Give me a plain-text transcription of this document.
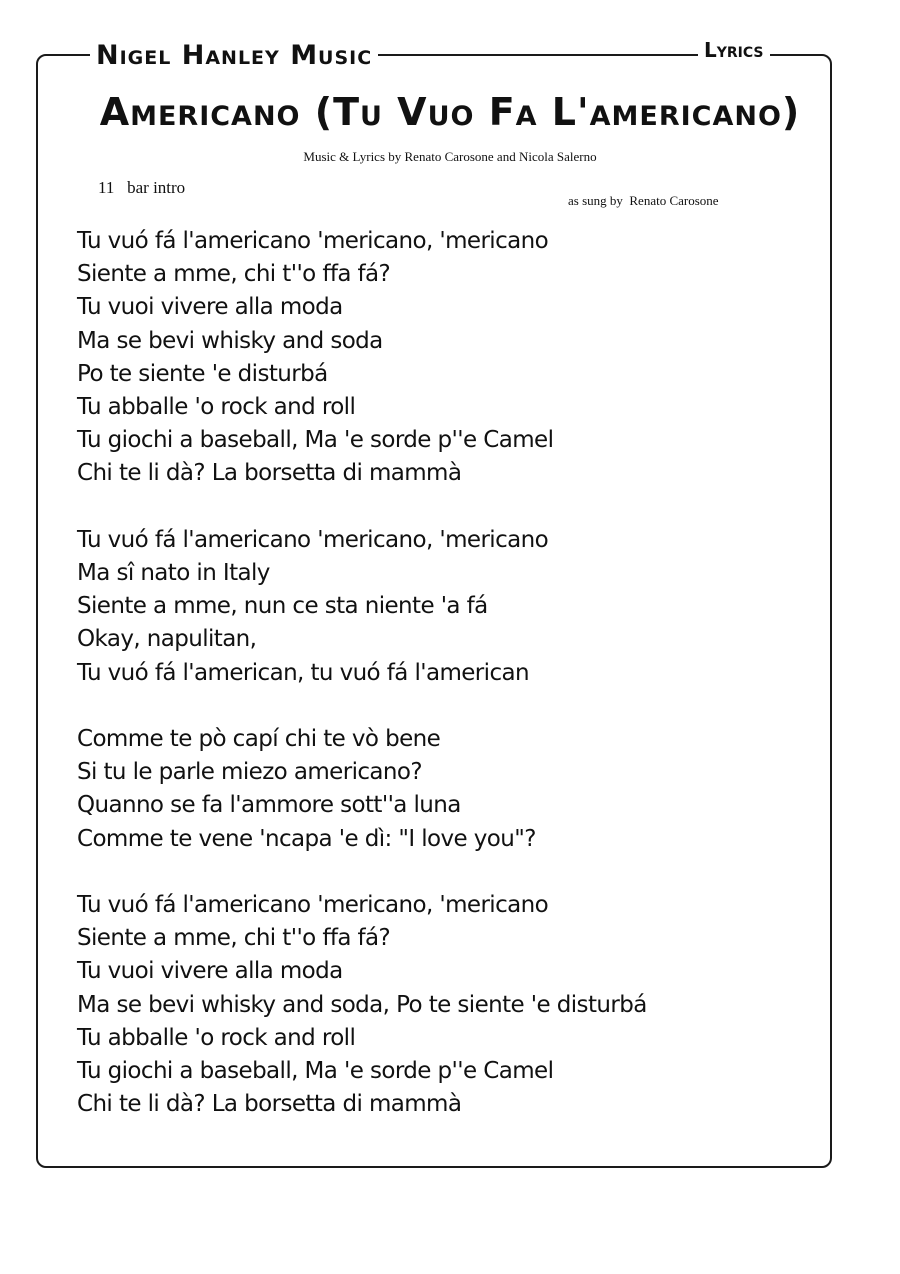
Nigel Hanley Music	Lyrics
Americano (Tu Vuo Fa L'americano)
Music & Lyrics by Renato Carosone and Nicola Salerno
11   bar intro
as sung by  Renato Carosone
Tu vuó fá l'americano 'mericano, 'mericano
Siente a mme, chi t''o ffa fá?
Tu vuoi vivere alla moda
Ma se bevi whisky and soda
Po te siente 'e disturbá
Tu abballe 'o rock and roll
Tu giochi a baseball, Ma 'e sorde p''e Camel
Chi te li dà? La borsetta di mammà
Tu vuó fá l'americano 'mericano, 'mericano
Ma sî nato in Italy
Siente a mme, nun ce sta niente 'a fá
Okay, napulitan,
Tu vuó fá l'american, tu vuó fá l'american
Comme te pò capí chi te vò bene
Si tu le parle miezo americano?
Quanno se fa l'ammore sott''a luna
Comme te vene 'ncapa 'e dì: "I love you"?
Tu vuó fá l'americano 'mericano, 'mericano
Siente a mme, chi t''o ffa fá?
Tu vuoi vivere alla moda
Ma se bevi whisky and soda, Po te siente 'e disturbá
Tu abballe 'o rock and roll
Tu giochi a baseball, Ma 'e sorde p''e Camel
Chi te li dà? La borsetta di mammà
